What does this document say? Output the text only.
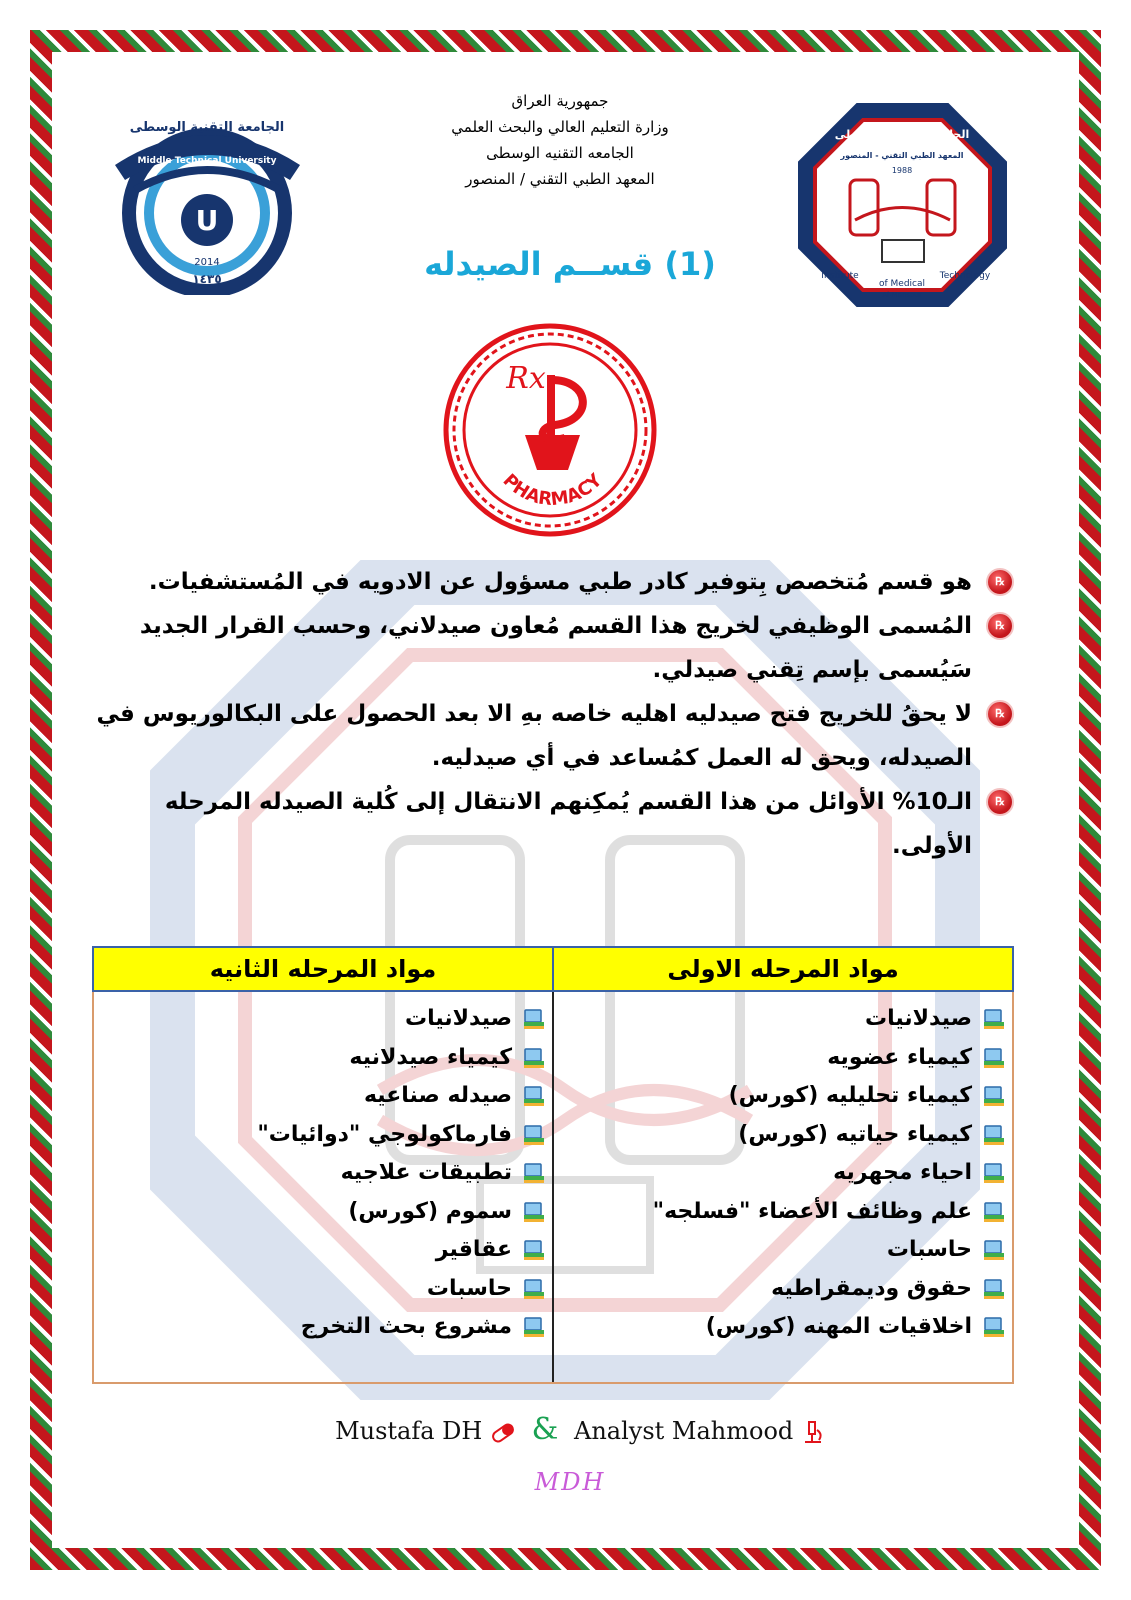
جمهورية العراق
وزارة التعليم العالي والبحث العلمي
الجامعه التقنيه الوسطى
المعهد الطبي التقني / المنصور
U
Middle Technical University
2014
١٤٣٥
الجامعة التقنية الوسطى	الجامعة التقنيـة الوسطى
المعهد الطبي التقني - المنصور
1988
Institute
of Medical
Technology
Al-Mansour
(1) قســم الصيدله
Rx
PHARMACY
℞
هو قسم مُتخصص بِتوفير كادر طبي مسؤول عن الادويه في المُستشفيات.
℞
المُسمى الوظيفي لخريج هذا القسم مُعاون صيدلاني، وحسب القرار الجديد سَيُسمى بإسم تِقني صيدلي.
℞
لا يحقُ للخريج فتح صيدليه اهليه خاصه بهِ الا بعد الحصول على البكالوريوس في الصيدله، ويحق له العمل كمُساعد في أي صيدليه.
℞
الـ10% الأوائل من هذا القسم يُمكِنهم الانتقال إلى كُلية الصيدله المرحله الأولى.
مواد المرحله الاولى
مواد المرحله الثانيه
صيدلانيات
كيمياء عضويه
كيمياء تحليليه (كورس)
كيمياء حياتيه (كورس)
احياء مجهريه
علم وظائف الأعضاء "فسلجه"
حاسبات
حقوق وديمقراطيه
اخلاقيات المهنه (كورس)
صيدلانيات
كيمياء صيدلانيه
صيدله صناعيه
فارماكولوجي "دوائيات"
تطبيقات علاجيه
سموم (كورس)
عقاقير
حاسبات
مشروع بحث التخرج
Mustafa DH & Analyst Mahmood
MDH
